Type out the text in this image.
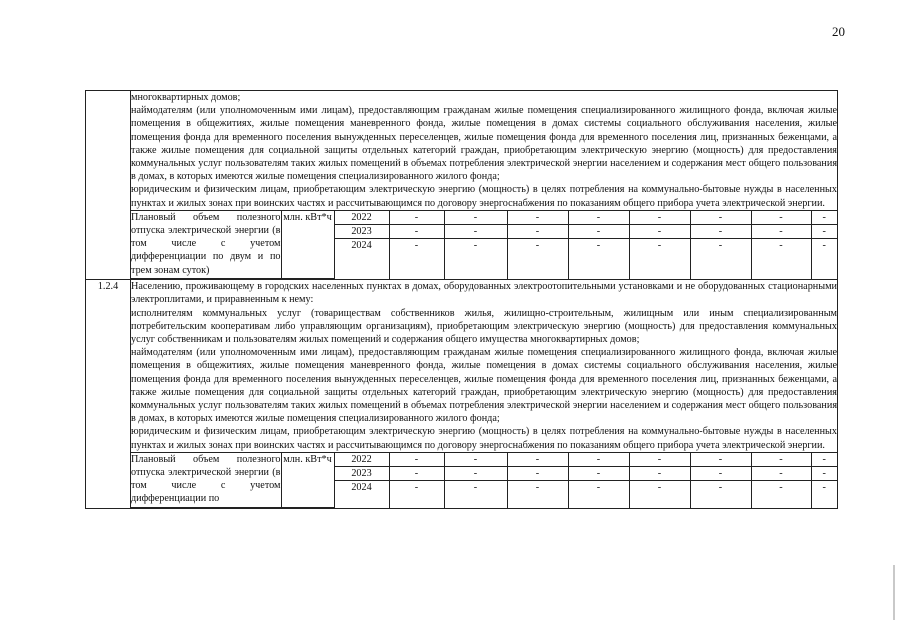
20

многоквартирных домов;

наймодателям (или уполномоченным ими лицам), предоставляющим гражданам жилые помещения специализированного жилищного фонда, включая жилые помещения в общежитиях, жилые помещения маневренного фонда, жилые помещения в домах системы социального обслуживания населения, жилые помещения фонда для временного поселения вынужденных переселенцев, жилые помещения фонда для временного поселения лиц, признанных беженцами, а также жилые помещения для социальной защиты отдельных категорий граждан, приобретающим электрическую энергию (мощность) для предоставления коммунальных услуг пользователям таких жилых помещений в объемах потребления электрической энергии населением и содержания мест общего пользования в домах, в которых имеются жилые помещения специализированного жилого фонда;

юридическим и физическим лицам, приобретающим электрическую энергию (мощность) в целях потребления на коммунально-бытовые нужды в населенных пунктах и жилых зонах при воинских частях и рассчитывающимся по договору энергоснабжения по показаниям общего прибора учета электрической энергии.

Плановый объем полезного отпуска электрической энергии (в том числе с учетом дифференциации по двум и по трем зонам суток)	млн. кВт*ч	2022	-	-	-	-	-	-	-	-
2023	-	-	-	-	-	-	-	-
2024	-	-	-	-	-	-	-	-

1.2.4	Населению, проживающему в городских населенных пунктах в домах, оборудованных электроотопительными установками и не оборудованных стационарными электроплитами, и приравненным к нему:

исполнителям коммунальных услуг (товариществам собственников жилья, жилищно-строительным, жилищным или иным специализированным потребительским кооперативам либо управляющим организациям), приобретающим электрическую энергию (мощность) для предоставления коммунальных услуг собственникам и пользователям жилых помещений и содержания общего имущества многоквартирных домов;

наймодателям (или уполномоченным ими лицам), предоставляющим гражданам жилые помещения специализированного жилищного фонда, включая жилые помещения в общежитиях, жилые помещения маневренного фонда, жилые помещения в домах системы социального обслуживания населения, жилые помещения фонда для временного поселения вынужденных переселенцев, жилые помещения фонда для временного поселения лиц, признанных беженцами, а также жилые помещения для социальной защиты отдельных категорий граждан, приобретающим электрическую энергию (мощность) для предоставления коммунальных услуг пользователям таких жилых помещений в объемах потребления электрической энергии населением и содержания мест общего пользования в домах, в которых имеются жилые помещения специализированного жилого фонда;

юридическим и физическим лицам, приобретающим электрическую энергию (мощность) в целях потребления на коммунально-бытовые нужды в населенных пунктах и жилых зонах при воинских частях и рассчитывающимся по договору энергоснабжения по показаниям общего прибора учета электрической энергии.

Плановый объем полезного отпуска электрической энергии (в том числе с учетом дифференциации по	млн. кВт*ч	2022	-	-	-	-	-	-	-	-
2023	-	-	-	-	-	-	-	-
2024	-	-	-	-	-	-	-	-
